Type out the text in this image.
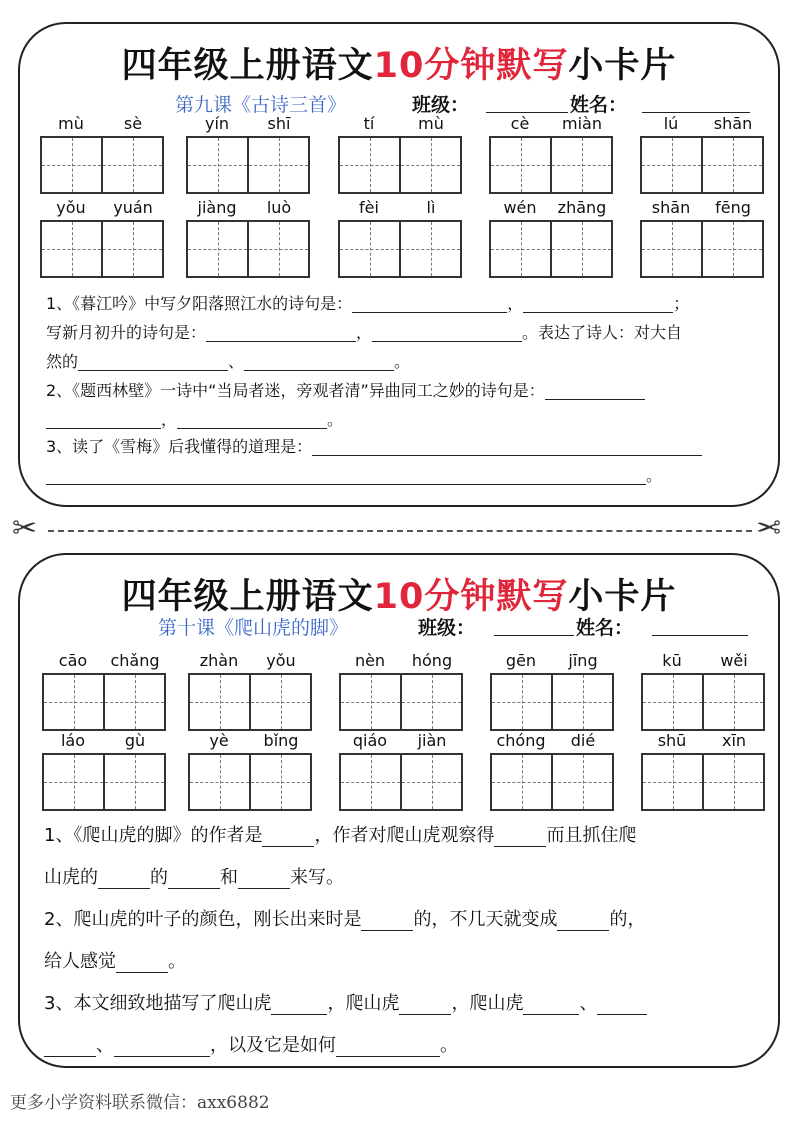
四年级上册语文10分钟默写小卡片
第九课《古诗三首》	班级：	姓名：
mù	sè	yín	shī	tí	mù	cè	miàn	lú	shān
yǒu	yuán	jiàng	luò	fèi	lì	wén	zhāng	shān	fēng
1、《暮江吟》中写夕阳落照江水的诗句是：	，	；
写新月初升的诗句是：	，	。表达了诗人：对大自
然的	、	。
2、《题西林壁》一诗中“当局者迷，旁观者清”异曲同工之妙的诗句是：
，	。
3、读了《雪梅》后我懂得的道理是：
。
✂	✂
四年级上册语文10分钟默写小卡片
第十课《爬山虎的脚》	班级：	姓名：
cāo	chǎng	zhàn	yǒu	nèn	hóng	gēn	jīng	kū	wěi
láo	gù	yè	bǐng	qiáo	jiàn	chóng	dié	shū	xīn
1、《爬山虎的脚》的作者是	，作者对爬山虎观察得	而且抓住爬
山虎的	的	和	来写。
2、爬山虎的叶子的颜色，刚长出来时是	的，不几天就变成	的，
给人感觉	。
3、本文细致地描写了爬山虎	，爬山虎	，爬山虎	、
、	，以及它是如何	。
更多小学资料联系微信：axx6882
